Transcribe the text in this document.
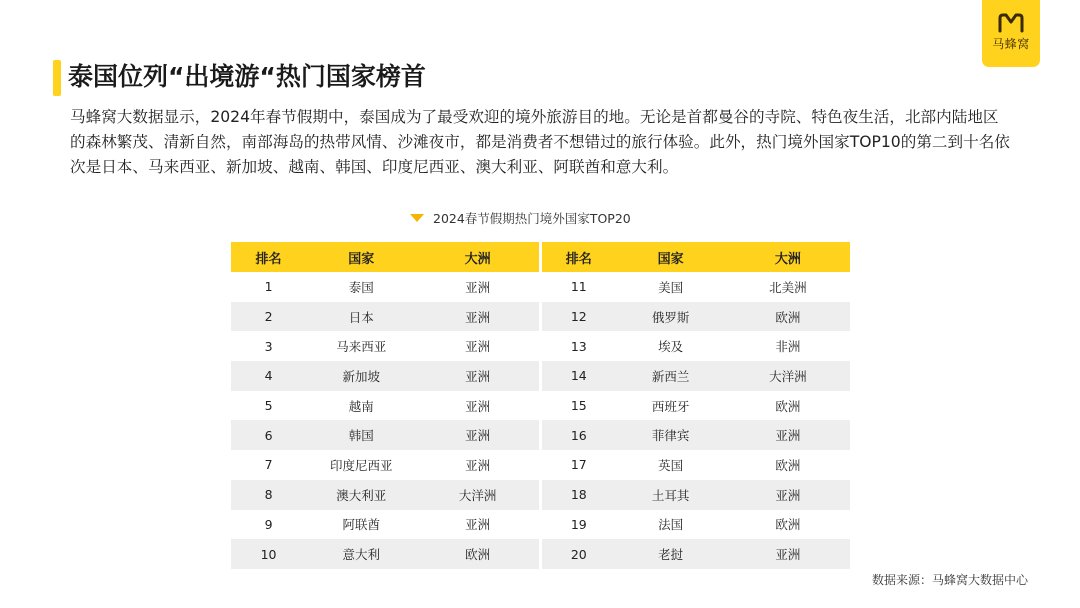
马蜂窝
泰国位列“出境游“热门国家榜首

马蜂窝大数据显示，2024年春节假期中，泰国成为了最受欢迎的境外旅游目的地。无论是首都曼谷的寺院、特色夜生活，北部内陆地区的森林繁茂、清新自然，南部海岛的热带风情、沙滩夜市，都是消费者不想错过的旅行体验。此外，热门境外国家TOP10的第二到十名依次是日本、马来西亚、新加坡、越南、韩国、印度尼西亚、澳大利亚、阿联酋和意大利。

2024春节假期热门境外国家TOP20
排名	国家	大洲	排名	国家	大洲
1	泰国	亚洲	11	美国	北美洲
2	日本	亚洲	12	俄罗斯	欧洲
3	马来西亚	亚洲	13	埃及	非洲
4	新加坡	亚洲	14	新西兰	大洋洲
5	越南	亚洲	15	西班牙	欧洲
6	韩国	亚洲	16	菲律宾	亚洲
7	印度尼西亚	亚洲	17	英国	欧洲
8	澳大利亚	大洋洲	18	土耳其	亚洲
9	阿联酋	亚洲	19	法国	欧洲
10	意大利	欧洲	20	老挝	亚洲
数据来源：马蜂窝大数据中心
